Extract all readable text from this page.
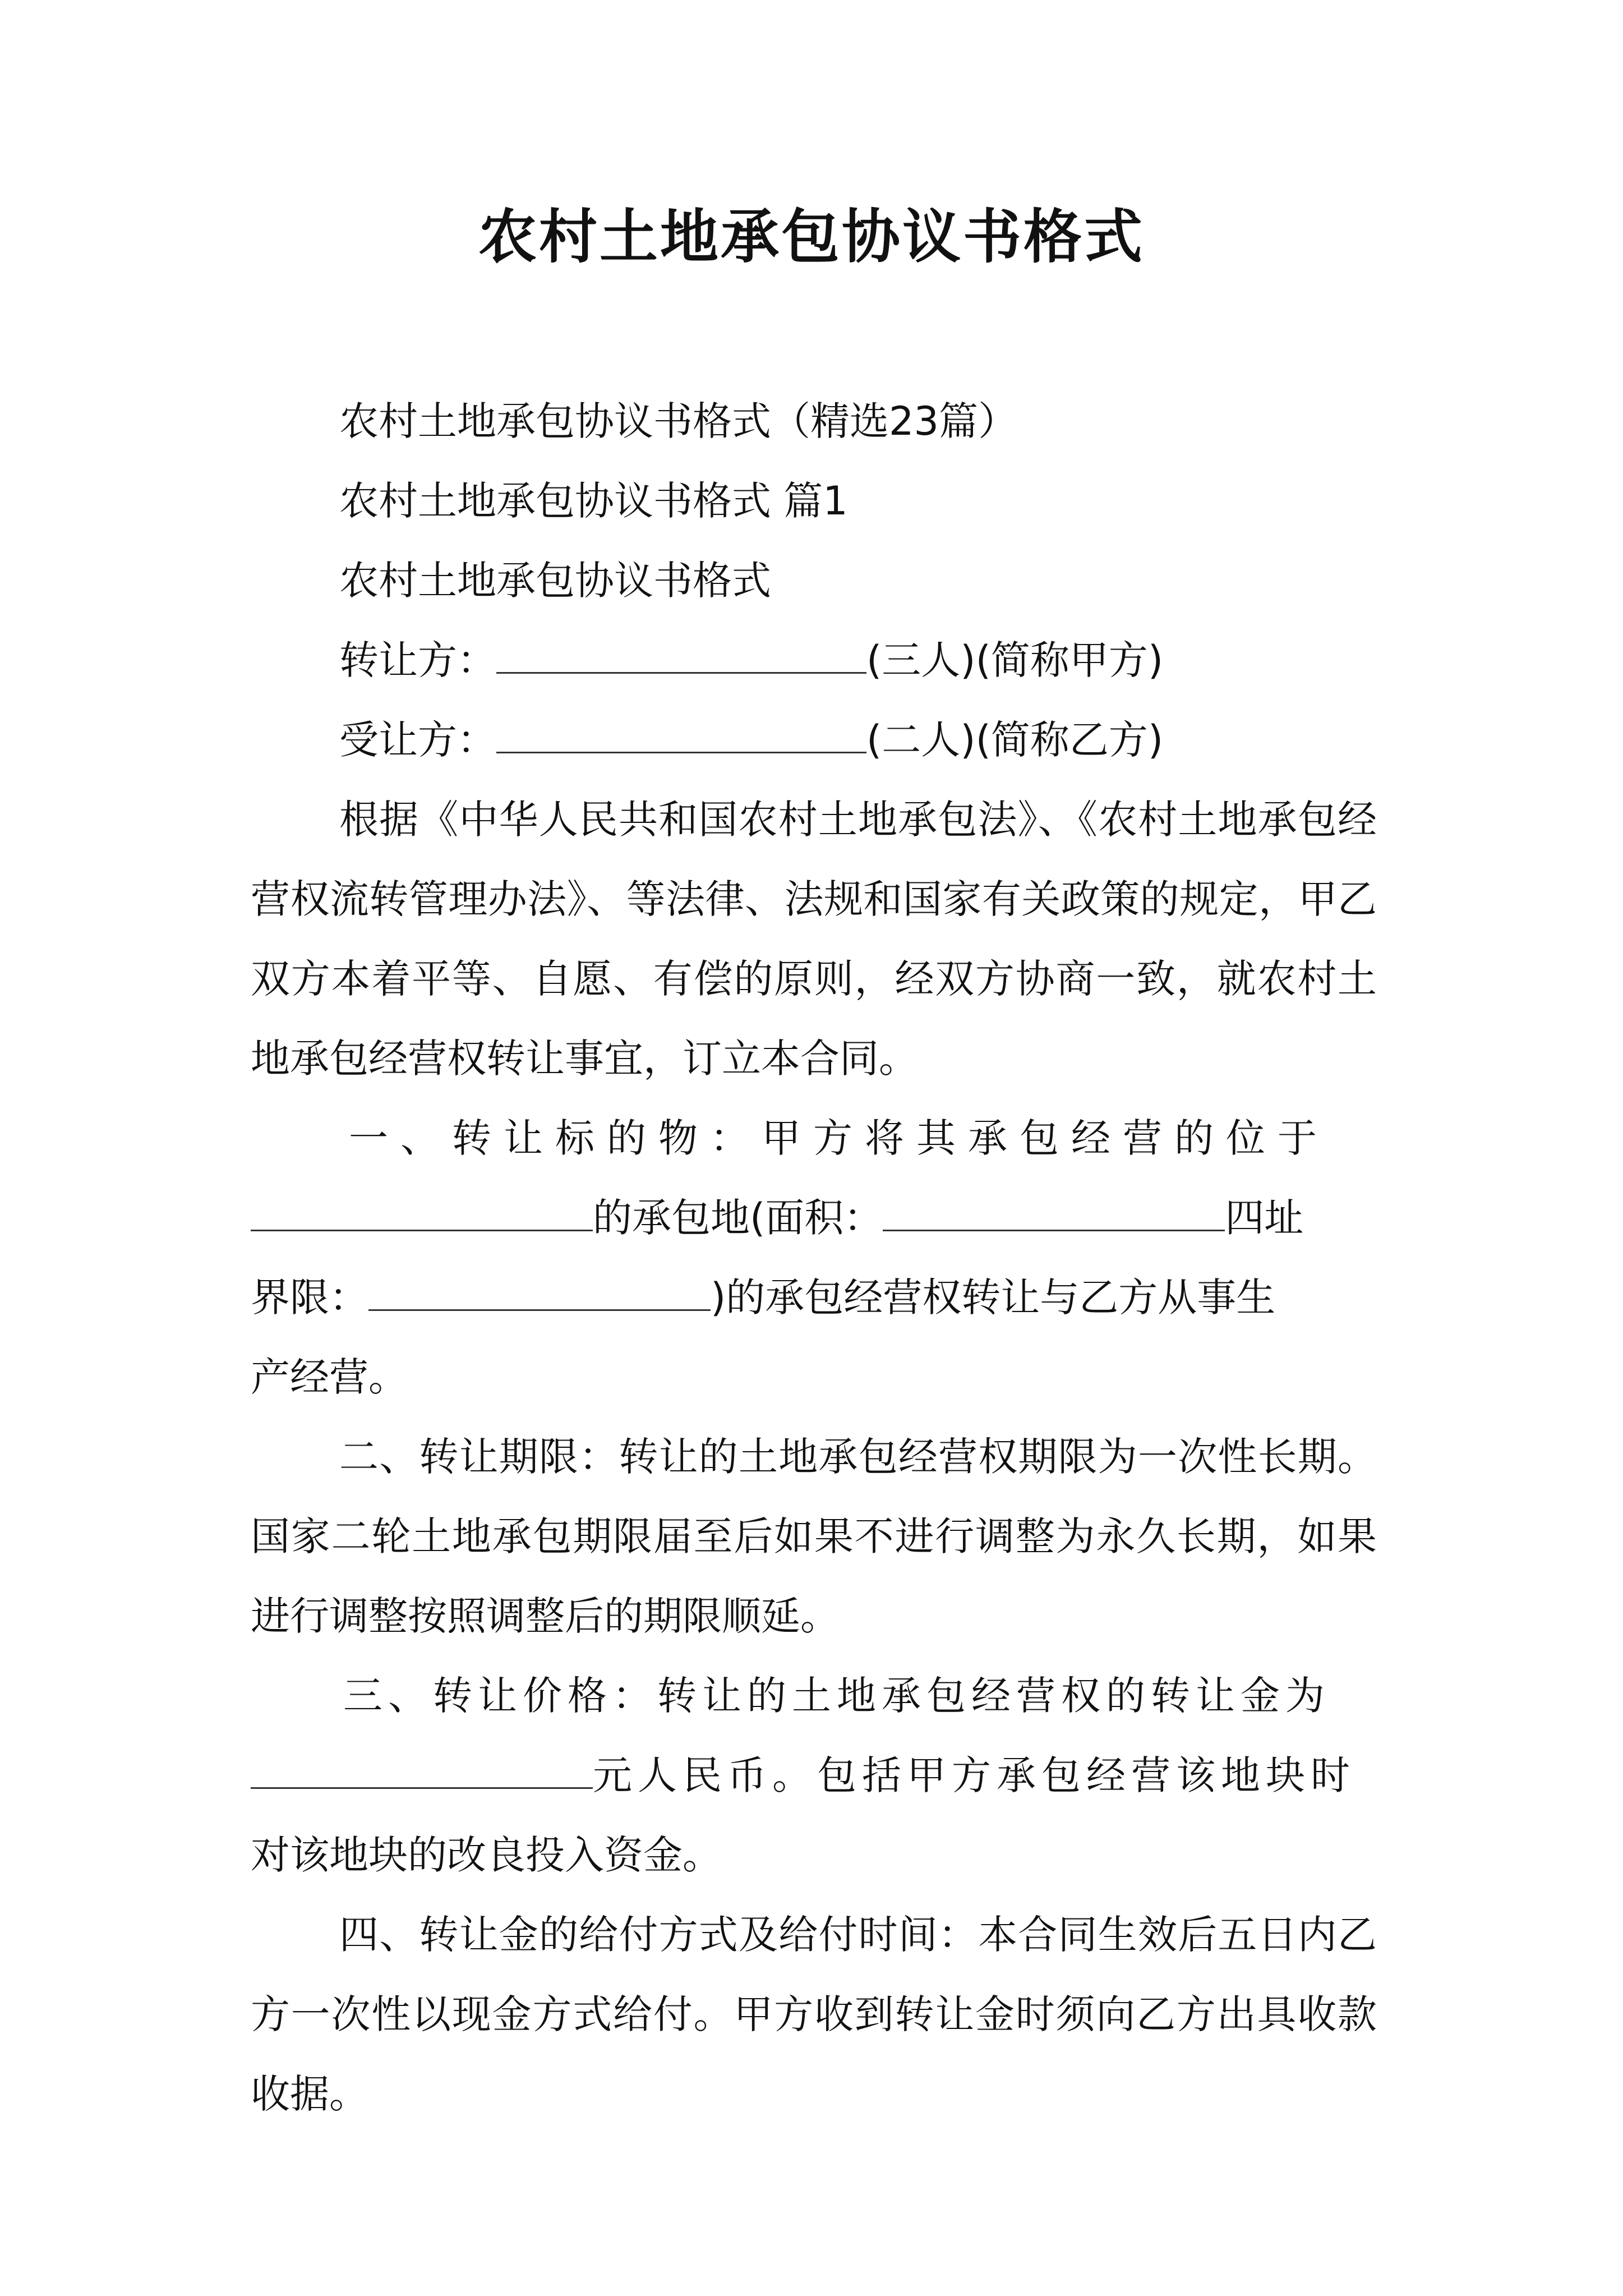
农村土地承包协议书格式
农村土地承包协议书格式（精选23篇）
农村土地承包协议书格式 篇1
农村土地承包协议书格式
转让方：	(三人)(简称甲方)
受让方：	(二人)(简称乙方)
根据《中华人民共和国农村土地承包法》、《农村土地承包经营权流转管理办法》、等法律、法规和国家有关政策的规定，甲乙双方本着平等、自愿、有偿的原则，经双方协商一致，就农村土地承包经营权转让事宜，订立本合同。
一、转让标的物：甲方将其承包经营的位于
的承包地(面积：	四址
界限：	)的承包经营权转让与乙方从事生
产经营。
二、转让期限：转让的土地承包经营权期限为一次性长期。国家二轮土地承包期限届至后如果不进行调整为永久长期，如果进行调整按照调整后的期限顺延。
三、转让价格：转让的土地承包经营权的转让金为
元人民币。包括甲方承包经营该地块时
对该地块的改良投入资金。
四、转让金的给付方式及给付时间：本合同生效后五日内乙方一次性以现金方式给付。甲方收到转让金时须向乙方出具收款收据。
